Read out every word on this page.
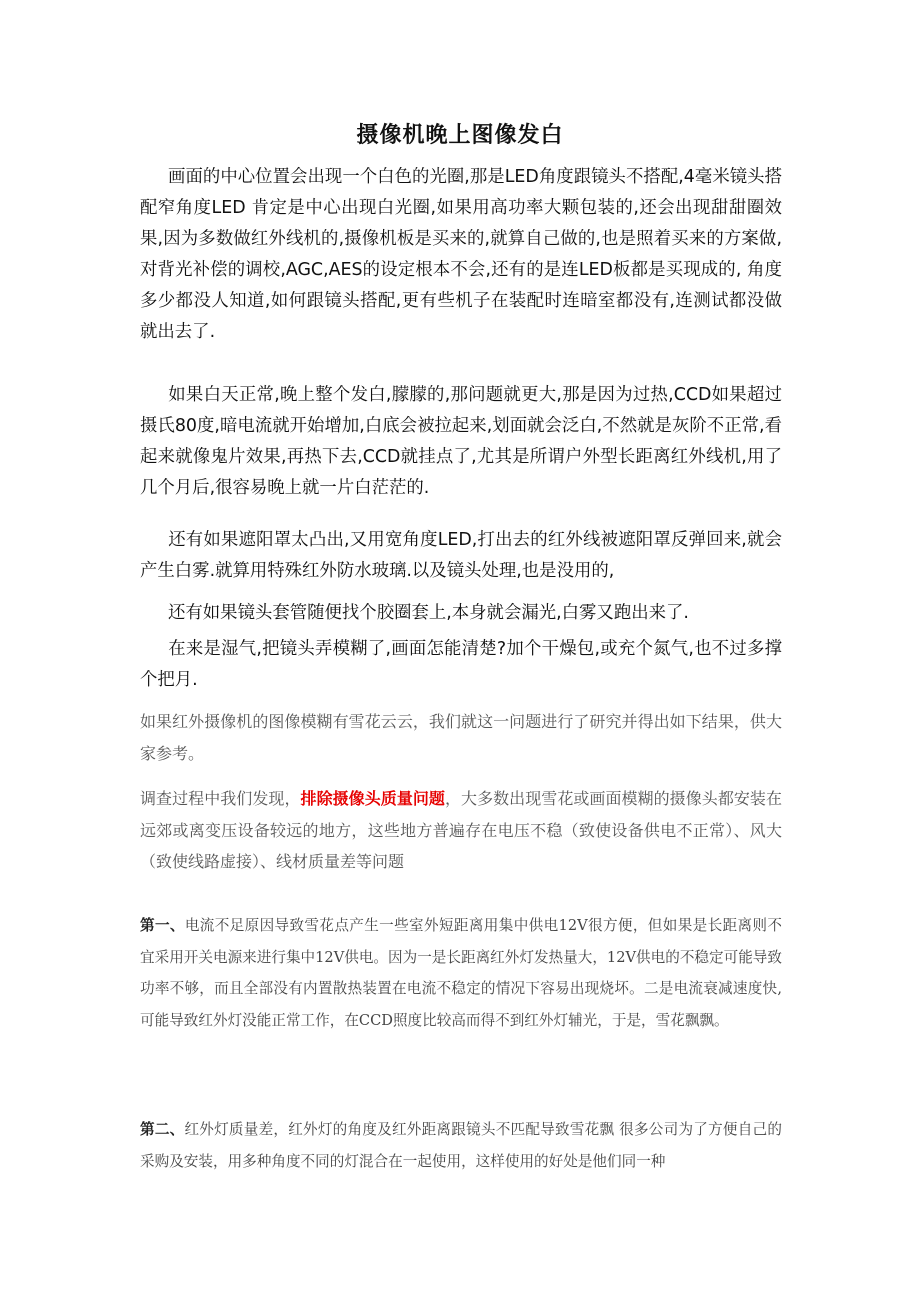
摄像机晚上图像发白

画面的中心位置会出现一个白色的光圈,那是LED角度跟镜头不搭配,4毫米镜头搭配窄角度LED 肯定是中心出现白光圈,如果用高功率大颗包装的,还会出现甜甜圈效果,因为多数做红外线机的,摄像机板是买来的,就算自己做的,也是照着买来的方案做,对背光补偿的调校,AGC,AES的设定根本不会,还有的是连LED板都是买现成的, 角度多少都没人知道,如何跟镜头搭配,更有些机子在装配时连暗室都没有,连测试都没做就出去了.

如果白天正常,晚上整个发白,朦朦的,那问题就更大,那是因为过热,CCD如果超过摄氏80度,暗电流就开始增加,白底会被拉起来,划面就会泛白,不然就是灰阶不正常,看起来就像鬼片效果,再热下去,CCD就挂点了,尤其是所谓户外型长距离红外线机,用了几个月后,很容易晚上就一片白茫茫的.

还有如果遮阳罩太凸出,又用宽角度LED,打出去的红外线被遮阳罩反弹回来,就会产生白雾.就算用特殊红外防水玻璃.以及镜头处理,也是没用的,

还有如果镜头套管随便找个胶圈套上,本身就会漏光,白雾又跑出来了.

在来是湿气,把镜头弄模糊了,画面怎能清楚?加个干燥包,或充个氮气,也不过多撑个把月.

如果红外摄像机的图像模糊有雪花云云，我们就这一问题进行了研究并得出如下结果，供大家参考。

调查过程中我们发现，排除摄像头质量问题，大多数出现雪花或画面模糊的摄像头都安装在远郊或离变压设备较远的地方，这些地方普遍存在电压不稳（致使设备供电不正常）、风大（致使线路虚接）、线材质量差等问题

第一、电流不足原因导致雪花点产生一些室外短距离用集中供电12V很方便，但如果是长距离则不宜采用开关电源来进行集中12V供电。因为一是长距离红外灯发热量大，12V供电的不稳定可能导致功率不够，而且全部没有内置散热装置在电流不稳定的情况下容易出现烧坏。二是电流衰减速度快,可能导致红外灯没能正常工作，在CCD照度比较高而得不到红外灯辅光，于是，雪花飘飘。

第二、红外灯质量差，红外灯的角度及红外距离跟镜头不匹配导致雪花飘 很多公司为了方便自己的采购及安装，用多种角度不同的灯混合在一起使用，这样使用的好处是他们同一种
